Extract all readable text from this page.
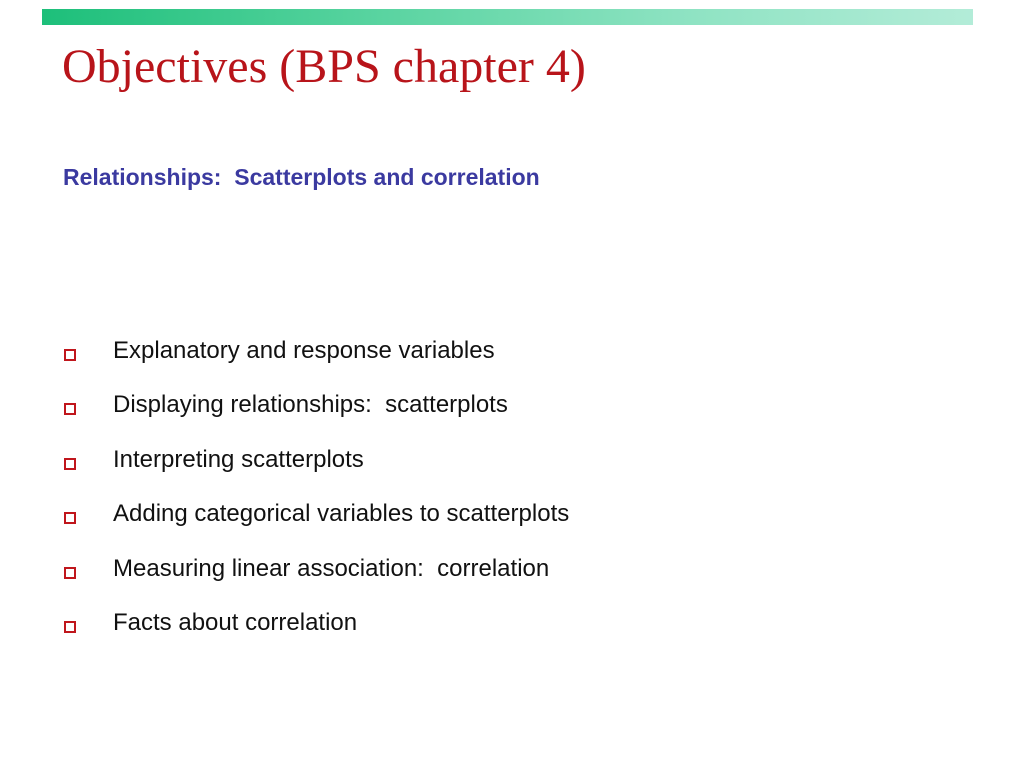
Objectives (BPS chapter 4)
Relationships:  Scatterplots and correlation
Explanatory and response variables
Displaying relationships:  scatterplots
Interpreting scatterplots
Adding categorical variables to scatterplots
Measuring linear association:  correlation
Facts about correlation
